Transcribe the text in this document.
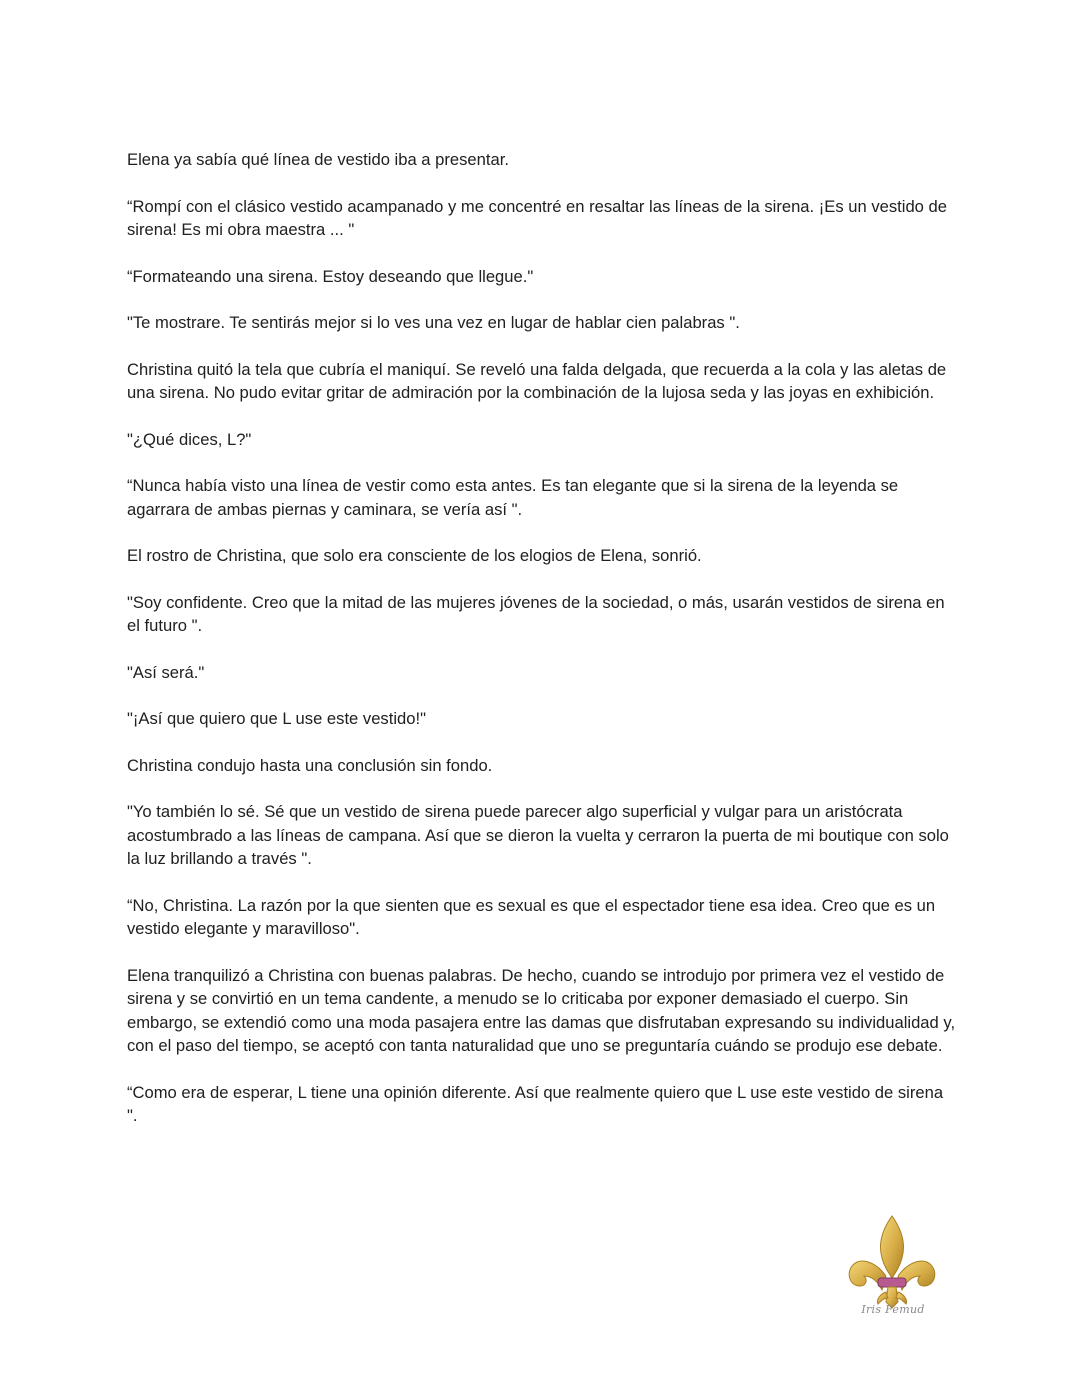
Elena ya sabía qué línea de vestido iba a presentar.

“Rompí con el clásico vestido acampanado y me concentré en resaltar las líneas de la sirena. ¡Es un vestido de sirena! Es mi obra maestra ... "

“Formateando una sirena. Estoy deseando que llegue."

"Te mostrare. Te sentirás mejor si lo ves una vez en lugar de hablar cien palabras ".

Christina quitó la tela que cubría el maniquí. Se reveló una falda delgada, que recuerda a la cola y las aletas de una sirena. No pudo evitar gritar de admiración por la combinación de la lujosa seda y las joyas en exhibición.

"¿Qué dices, L?"

“Nunca había visto una línea de vestir como esta antes. Es tan elegante que si la sirena de la leyenda se agarrara de ambas piernas y caminara, se vería así ".

El rostro de Christina, que solo era consciente de los elogios de Elena, sonrió.

"Soy confidente. Creo que la mitad de las mujeres jóvenes de la sociedad, o más, usarán vestidos de sirena en el futuro ".

"Así será."

"¡Así que quiero que L use este vestido!"

Christina condujo hasta una conclusión sin fondo.

"Yo también lo sé. Sé que un vestido de sirena puede parecer algo superficial y vulgar para un aristócrata acostumbrado a las líneas de campana. Así que se dieron la vuelta y cerraron la puerta de mi boutique con solo la luz brillando a través ".

“No, Christina. La razón por la que sienten que es sexual es que el espectador tiene esa idea. Creo que es un vestido elegante y maravilloso".

Elena tranquilizó a Christina con buenas palabras. De hecho, cuando se introdujo por primera vez el vestido de sirena y se convirtió en un tema candente, a menudo se lo criticaba por exponer demasiado el cuerpo. Sin embargo, se extendió como una moda pasajera entre las damas que disfrutaban expresando su individualidad y, con el paso del tiempo, se aceptó con tanta naturalidad que uno se preguntaría cuándo se produjo ese debate.

“Como era de esperar, L tiene una opinión diferente. Así que realmente quiero que L use este vestido de sirena ".

Iris Femud
